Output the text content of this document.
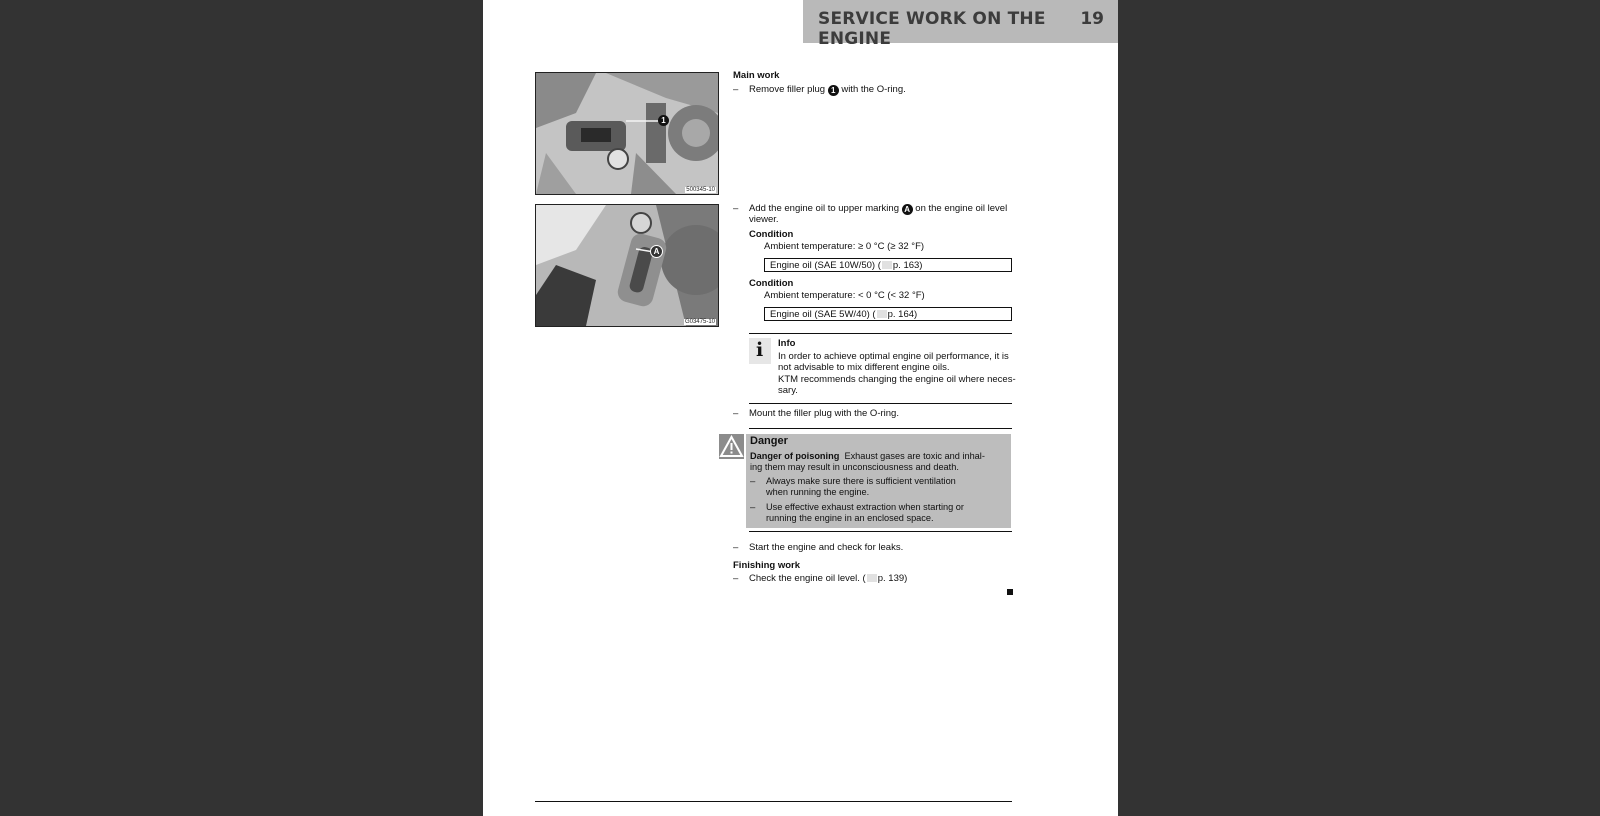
SERVICE WORK ON THE ENGINE
19
1
500345-10
A
G03475-10
Main work
– Remove filler plug 1 with the O-ring.
– Add the engine oil to upper marking A on the engine oil level
viewer.
Condition
Ambient temperature: ≥ 0 °C (≥ 32 °F)
Engine oil (SAE 10W/50) ( p. 163)
Condition
Ambient temperature: < 0 °C (< 32 °F)
Engine oil (SAE 5W/40) ( p. 164)
i Info
In order to achieve optimal engine oil performance, it is
not advisable to mix different engine oils.
KTM recommends changing the engine oil where neces-
sary.
– Mount the filler plug with the O-ring.
Danger
Danger of poisoning Exhaust gases are toxic and inhal-
ing them may result in unconsciousness and death.
– Always make sure there is sufficient ventilation
when running the engine.
– Use effective exhaust extraction when starting or
running the engine in an enclosed space.
– Start the engine and check for leaks.
Finishing work
– Check the engine oil level. ( p. 139)
